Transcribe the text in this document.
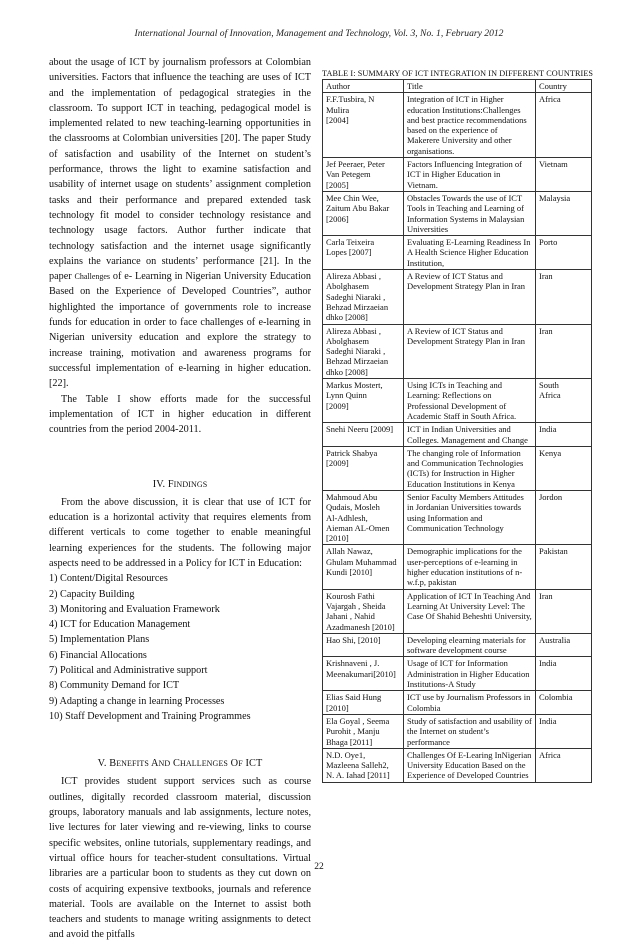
International Journal of Innovation, Management and Technology, Vol. 3, No. 1, February 2012

about the usage of ICT by journalism professors at Colombian universities. Factors that influence the teaching are uses of ICT and the implementation of pedagogical strategies in the classroom. To support ICT in teaching, pedagogical model is implemented related to new teaching-learning opportunities in the classrooms at Colombian universities [20]. The paper Study of satisfaction and usability of the Internet on student’s performance, throws the light to examine satisfaction and usability of internet usage on students’ assignment completion tasks and their performance and prepared extended task technology fit model to consider technology resistance and technology usage factors. Author further indicate that technology satisfaction and the internet usage significantly explains the variance on students’ performance [21]. In the paper Challenges of e- Learning in Nigerian University Education Based on the Experience of Developed Countries”, author highlighted the importance of governments role to increase funds for education in order to face challenges of e-learning in Nigerian university education and explore the strategy to increase training, motivation and awareness programs for successful implementation of e-learning in higher education. [22].

The Table I show efforts made for the successful implementation of ICT in higher education in different countries from the period 2004-2011.

IV. FINDINGS

From the above discussion, it is clear that use of ICT for education is a horizontal activity that requires elements from different verticals to come together to enable meaningful learning experiences for the students. The following major aspects need to be addressed in a Policy for ICT in Education:

1) Content/Digital Resources
2) Capacity Building
3) Monitoring and Evaluation Framework
4) ICT for Education Management
5) Implementation Plans
6) Financial Allocations
7) Political and Administrative support
8) Community Demand for ICT
9) Adapting a change in learning Processes
10) Staff Development and Training Programmes

V. BENEFITS AND CHALLENGES OF ICT

ICT provides student support services such as course outlines, digitally recorded classroom material, discussion groups, laboratory manuals and lab assignments, lecture notes, live lectures for later viewing and re-viewing, links to course specific websites, online tutorials, supplementary readings, and virtual office hours for teacher-student consultations. Virtual libraries are a particular boon to students as they cut down on costs of acquiring expensive textbooks, journals and reference material. Tools are available on the Internet to assist both teachers and students to manage writing assignments to detect and avoid the pitfalls

TABLE I: SUMMARY OF ICT INTEGRATION IN DIFFERENT COUNTRIES

Author	Title	Country
F.F.Tusbira, N
Mulira
[2004]	Integration of ICT in Higher education Institutions:Challenges and best practice recommendations based on the experience of Makerere University and other organisations.	Africa
Jef Peeraer, Peter
Van Petegem
[2005]	Factors Influencing Integration of ICT in Higher Education in Vietnam.	Vietnam
Mee Chin Wee,
Zaitum Abu Bakar
[2006]	Obstacles Towards the use of ICT Tools in Teaching and Learning of Information Systems in Malaysian Universities	Malaysia
Carla Teixeira
Lopes [2007]	Evaluating E-Learning Readiness In A Health Science Higher Education Institution,	Porto
Alireza Abbasi ,
Abolghasem
Sadeghi Niaraki ,
Behzad Mirzaeian
dhko [2008]	A Review of ICT Status and Development Strategy Plan in Iran	Iran
Alireza Abbasi ,
Abolghasem
Sadeghi Niaraki ,
Behzad Mirzaeian
dhko [2008]	A Review of ICT Status and Development Strategy Plan in Iran	Iran
Markus Mostert,
Lynn Quinn
[2009]	Using ICTs in Teaching and Learning: Reflections on Professional Development of Academic Staff in South Africa.	South
Africa
Snehi Neeru [2009]	ICT in Indian Universities and Colleges. Management and Change	India
Patrick Shabya
[2009]	The changing role of Information and Communication Technologies (ICTs) for Instruction in Higher Education Institutions in Kenya	Kenya
Mahmoud Abu
Qudais, Mosleh
Al-Adhlesh,
Aieman AL-Omen
[2010]	Senior Faculty Members Attitudes in Jordanian Universities towards using Information and Communication Technology	Jordon
Allah Nawaz,
Ghulam Muhammad
Kundi [2010]	Demographic implications for the user-perceptions of e-learning in higher education institutions of n-w.f.p, pakistan	Pakistan
Kourosh Fathi
Vajargah , Sheida
Jahani , Nahid
Azadmanesh [2010]	Application of ICT In Teaching And Learning At University Level: The Case Of Shahid Beheshti University,	Iran
Hao Shi, [2010]	Developing elearning materials for software development course	Australia
Krishnaveni , J.
Meenakumari[2010]	Usage of ICT for Information Administration in Higher Education Institutions-A Study	India
Elias Said Hung
[2010]	ICT use by Journalism Professors in Colombia	Colombia
Ela Goyal , Seema
Purohit , Manju
Bhaga [2011]	Study of satisfaction and usability of the Internet on student’s performance	India
N.D. Oye1,
Mazleena Salleh2,
N. A. Iahad [2011]	Challenges Of E-Learing InNigerian University Education Based on the Experience of Developed Countries	Africa
22
